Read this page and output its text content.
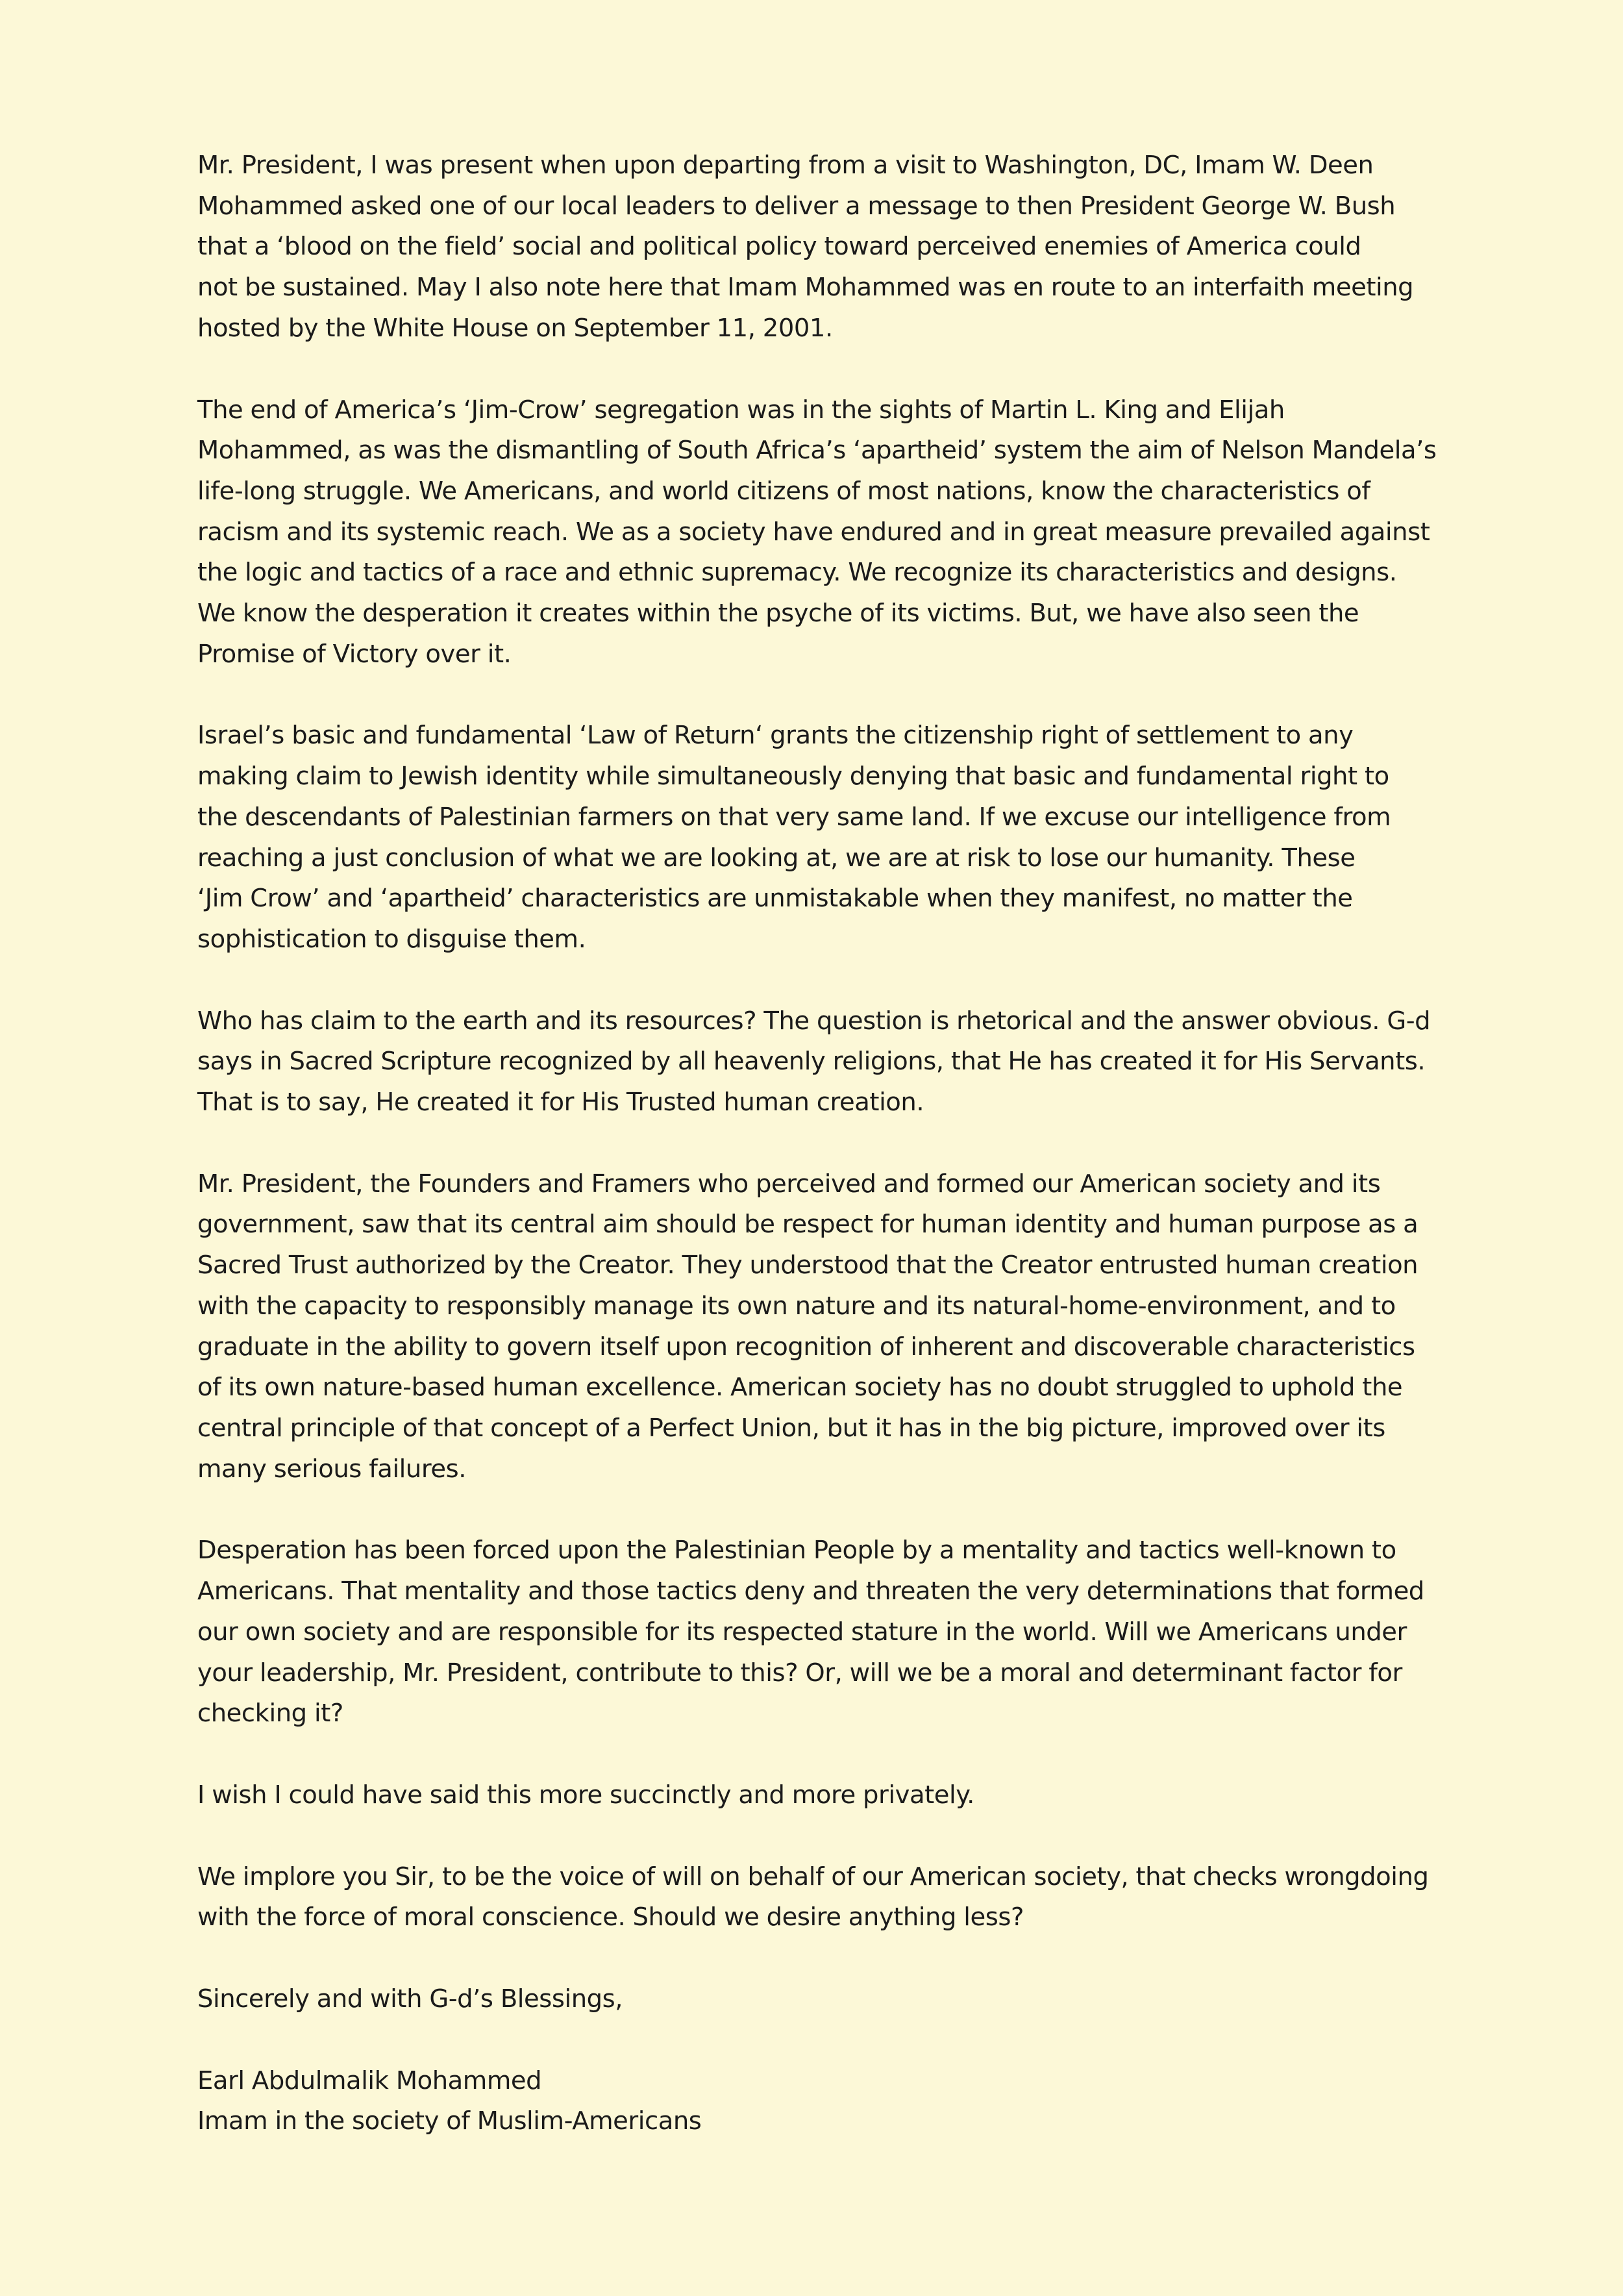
Mr. President, I was present when upon departing from a visit to Washington, DC, Imam W. Deen
Mohammed asked one of our local leaders to deliver a message to then President George W. Bush
that a ‘blood on the field’ social and political policy toward perceived enemies of America could
not be sustained. May I also note here that Imam Mohammed was en route to an interfaith meeting
hosted by the White House on September 11, 2001.

The end of America’s ‘Jim-Crow’ segregation was in the sights of Martin L. King and Elijah
Mohammed, as was the dismantling of South Africa’s ‘apartheid’ system the aim of Nelson Mandela’s
life-long struggle. We Americans, and world citizens of most nations, know the characteristics of
racism and its systemic reach. We as a society have endured and in great measure prevailed against
the logic and tactics of a race and ethnic supremacy. We recognize its characteristics and designs.
We know the desperation it creates within the psyche of its victims. But, we have also seen the
Promise of Victory over it.

Israel’s basic and fundamental ‘Law of Return‘ grants the citizenship right of settlement to any
making claim to Jewish identity while simultaneously denying that basic and fundamental right to
the descendants of Palestinian farmers on that very same land. If we excuse our intelligence from
reaching a just conclusion of what we are looking at, we are at risk to lose our humanity. These
‘Jim Crow’ and ‘apartheid’ characteristics are unmistakable when they manifest, no matter the
sophistication to disguise them.

Who has claim to the earth and its resources? The question is rhetorical and the answer obvious. G-d
says in Sacred Scripture recognized by all heavenly religions, that He has created it for His Servants.
That is to say, He created it for His Trusted human creation.

Mr. President, the Founders and Framers who perceived and formed our American society and its
government, saw that its central aim should be respect for human identity and human purpose as a
Sacred Trust authorized by the Creator. They understood that the Creator entrusted human creation
with the capacity to responsibly manage its own nature and its natural-home-environment, and to
graduate in the ability to govern itself upon recognition of inherent and discoverable characteristics
of its own nature-based human excellence. American society has no doubt struggled to uphold the
central principle of that concept of a Perfect Union, but it has in the big picture, improved over its
many serious failures.

Desperation has been forced upon the Palestinian People by a mentality and tactics well-known to
Americans. That mentality and those tactics deny and threaten the very determinations that formed
our own society and are responsible for its respected stature in the world. Will we Americans under
your leadership, Mr. President, contribute to this? Or, will we be a moral and determinant factor for
checking it?

I wish I could have said this more succinctly and more privately.

We implore you Sir, to be the voice of will on behalf of our American society, that checks wrongdoing
with the force of moral conscience. Should we desire anything less?

Sincerely and with G-d’s Blessings,

Earl Abdulmalik Mohammed
Imam in the society of Muslim-Americans
